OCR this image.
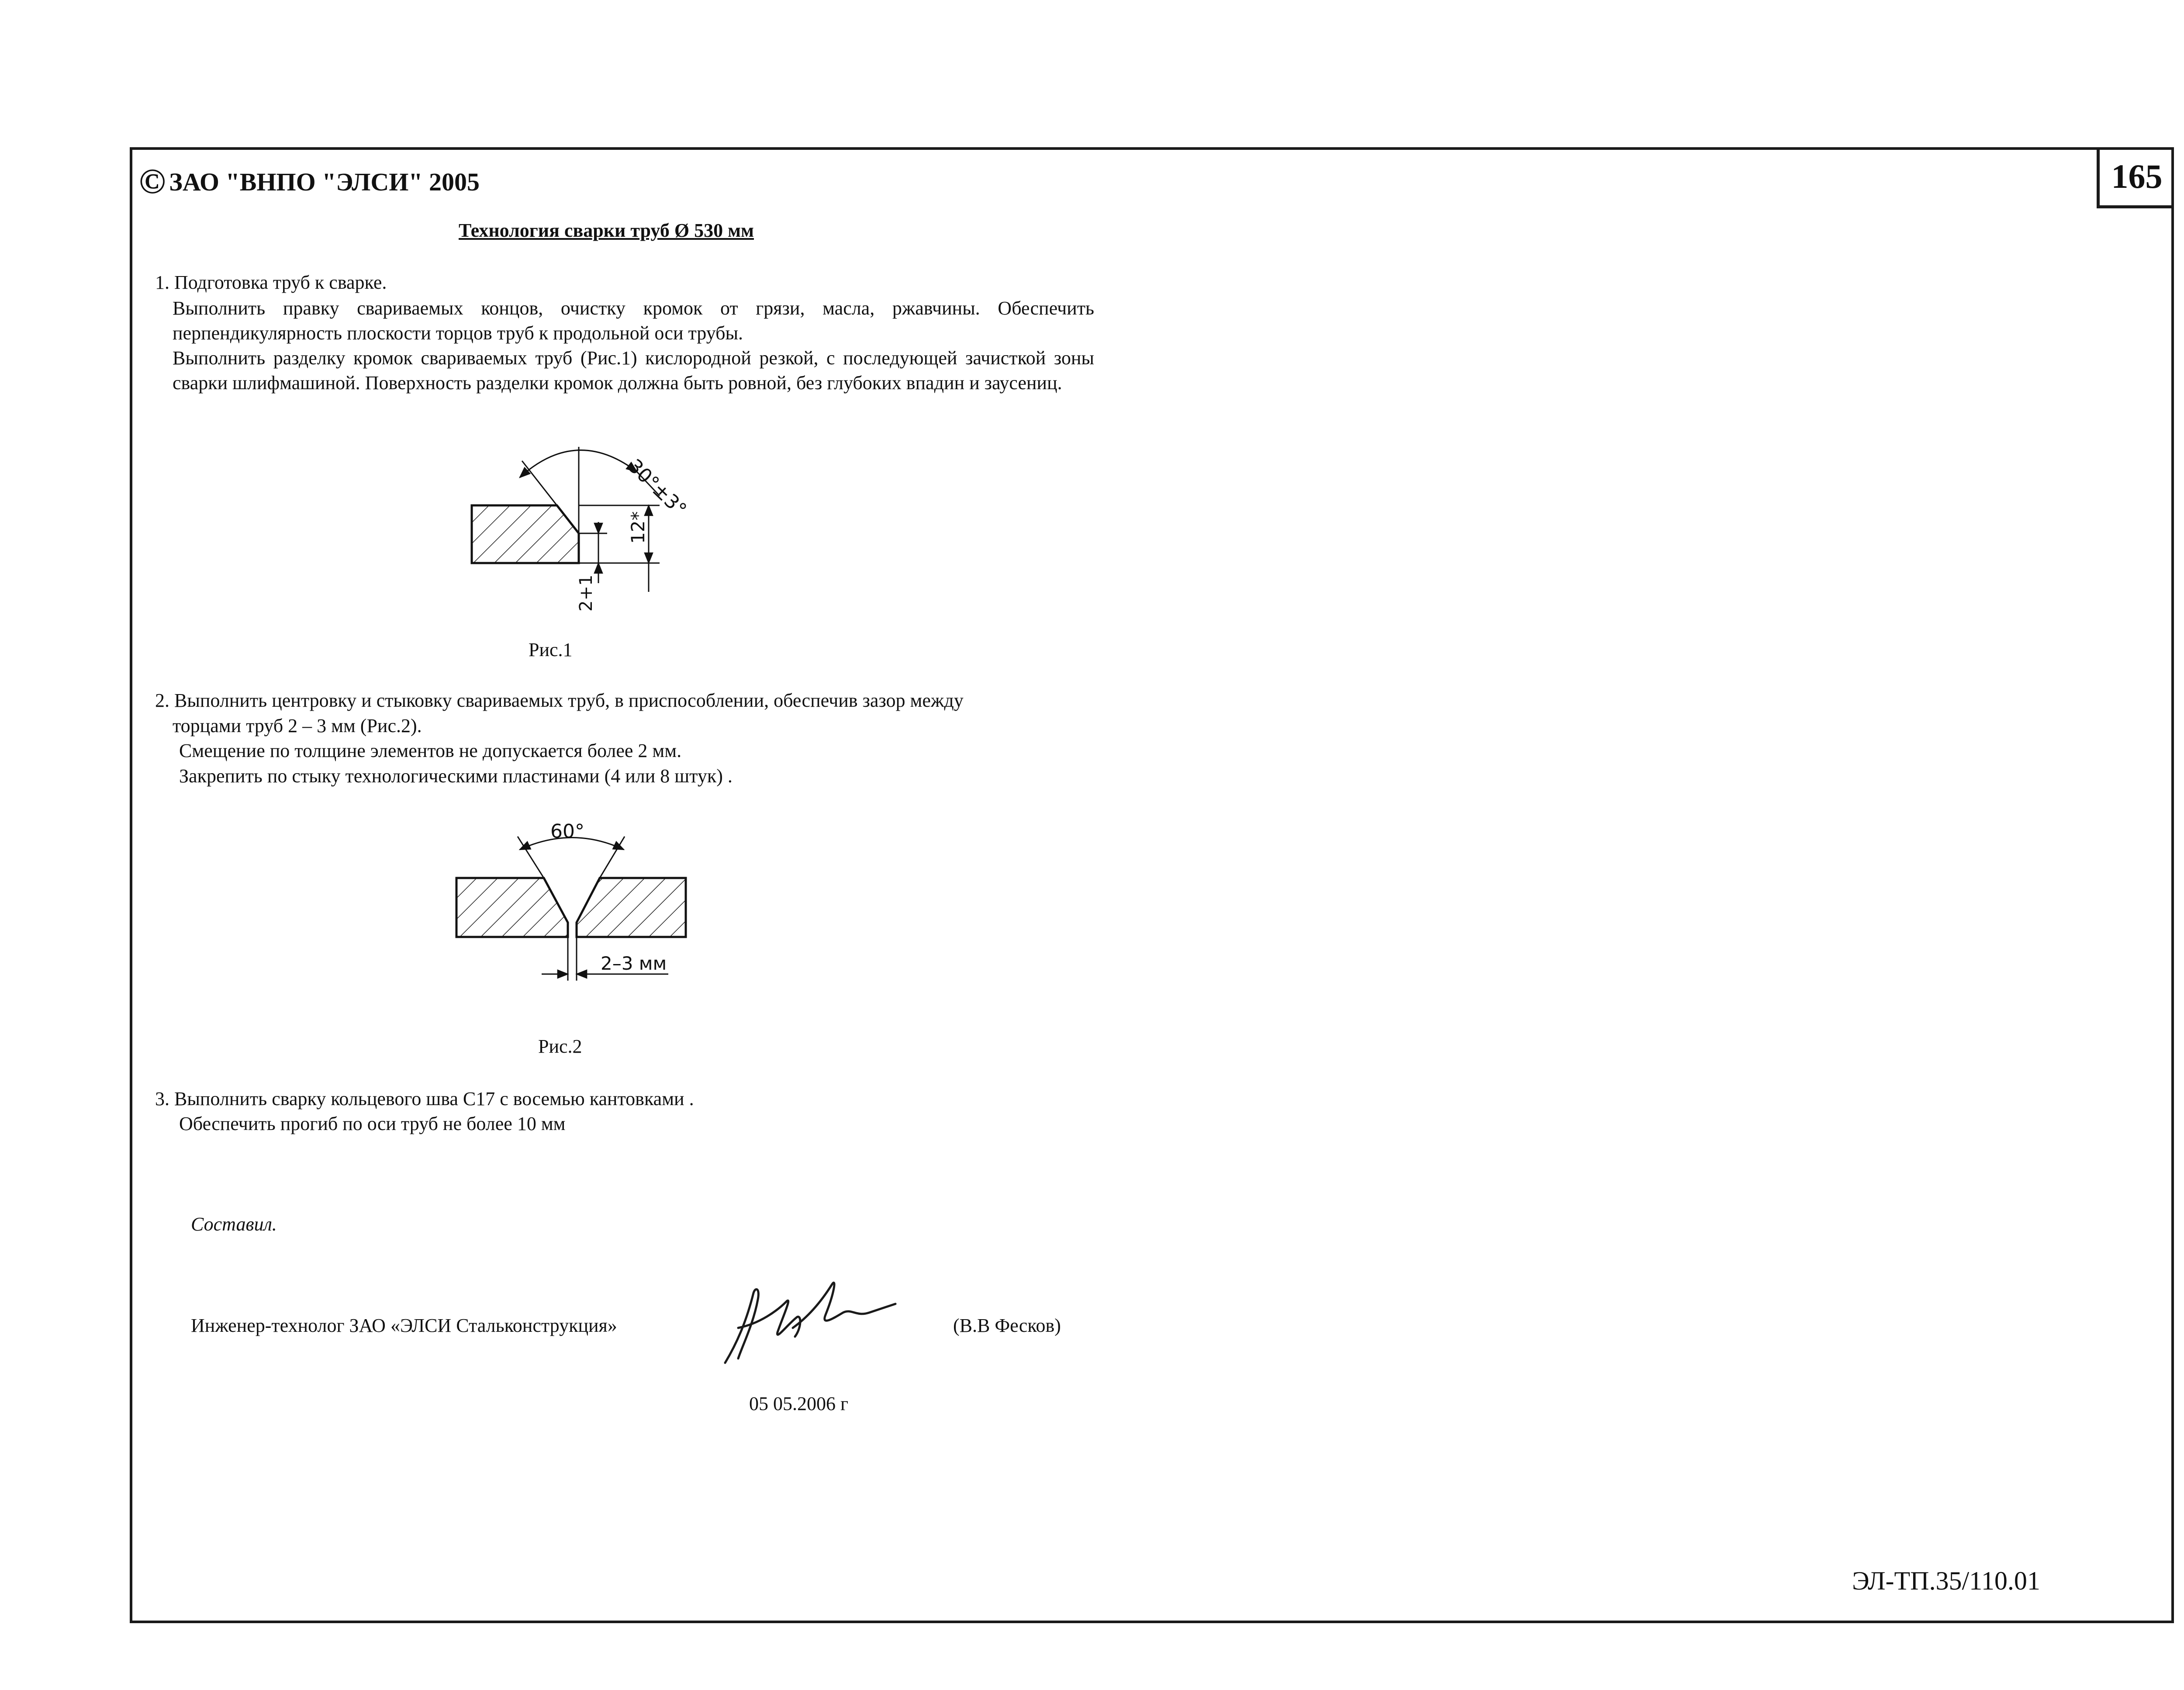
165
© ЗАО "ВНПО "ЭЛСИ" 2005
Технология сварки труб Ø 530 мм
1. Подготовка труб к сварке.
Выполнить правку свариваемых концов, очистку кромок от грязи, масла, ржавчины. Обеспечить перпендикулярность плоскости торцов труб к продольной оси трубы.
Выполнить разделку кромок свариваемых труб (Рис.1) кислородной резкой, с последующей зачисткой зоны сварки шлифмашиной. Поверхность разделки кромок должна быть ровной, без глубоких впадин и заусениц.
30°±3°
12*
2+1
Рис.1
2. Выполнить центровку и стыковку свариваемых труб, в приспособлении, обеспечив зазор между
торцами труб 2 – 3 мм (Рис.2).
Смещение по толщине элементов не допускается более 2 мм.
Закрепить по стыку технологическими пластинами (4 или 8 штук) .
60°
2–3 мм
Рис.2
3. Выполнить сварку кольцевого шва С17 с восемью кантовками .
Обеспечить прогиб по оси труб не более 10 мм
Составил.
Инженер-технолог ЗАО «ЭЛСИ Стальконструкция»	(В.В Фесков)
05 05.2006 г
ЭЛ-ТП.35/110.01
